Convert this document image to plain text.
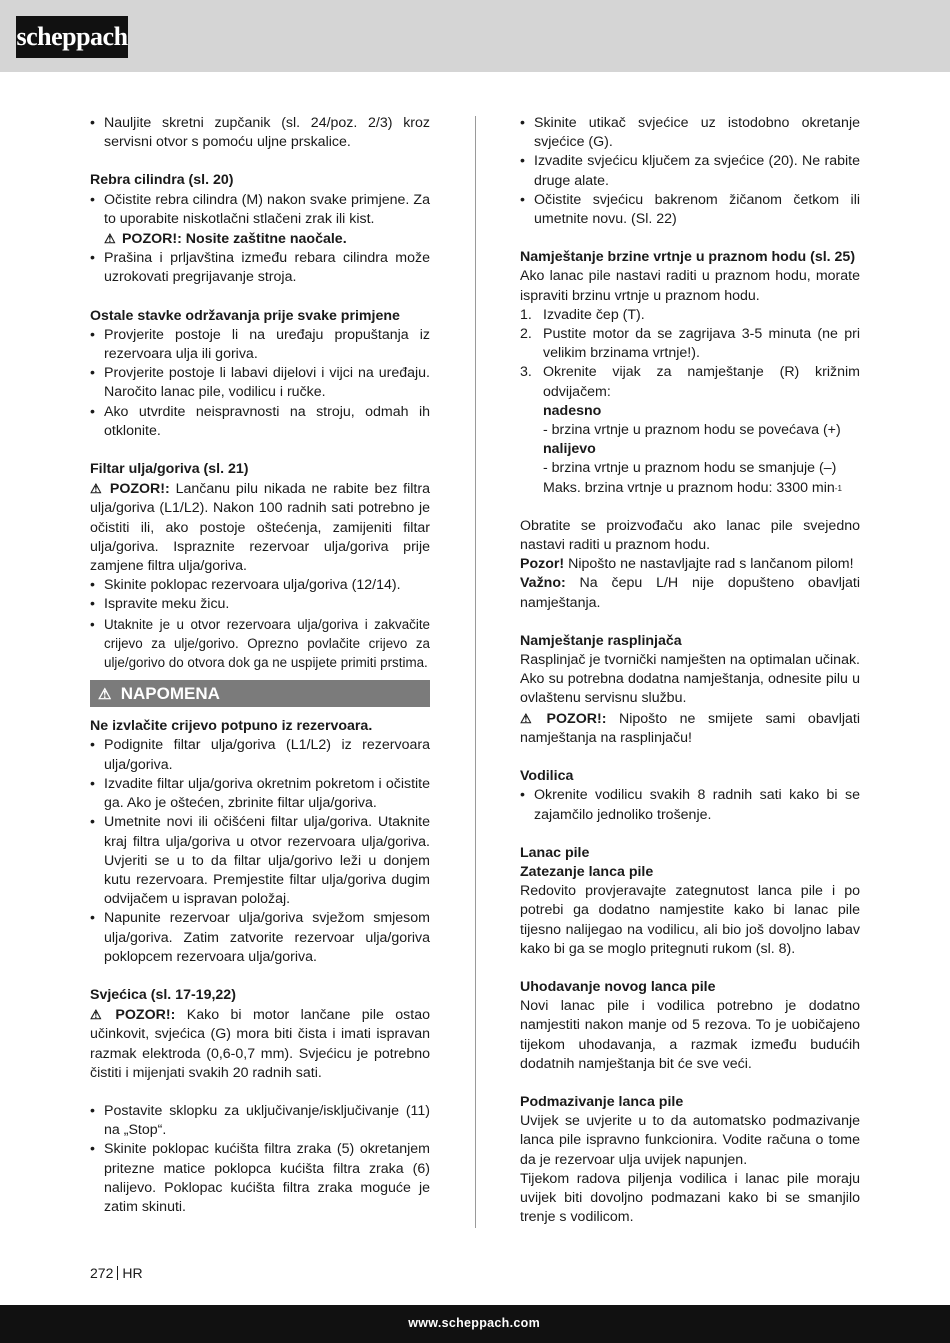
scheppach
• Nauljite skretni zupčanik (sl. 24/poz. 2/3) kroz servisni otvor s pomoću uljne prskalice.

Rebra cilindra (sl. 20)

• Očistite rebra cilindra (M) nakon svake primjene. Za to uporabite niskotlačni stlačeni zrak ili kist.
⚠ POZOR!: Nosite zaštitne naočale.
• Prašina i prljavština između rebara cilindra može uzrokovati pregrijavanje stroja.

Ostale stavke održavanja prije svake primjene

• Provjerite postoje li na uređaju propuštanja iz rezervoara ulja ili goriva.
• Provjerite postoje li labavi dijelovi i vijci na uređaju. Naročito lanac pile, vodilicu i ručke.
• Ako utvrdite neispravnosti na stroju, odmah ih otklonite.

Filtar ulja/goriva (sl. 21)

⚠ POZOR!: Lančanu pilu nikada ne rabite bez filtra ulja/goriva (L1/L2). Nakon 100 radnih sati potrebno je očistiti ili, ako postoje oštećenja, zamijeniti filtar ulja/goriva. Ispraznite rezervoar ulja/goriva prije zamjene filtra ulja/goriva.

• Skinite poklopac rezervoara ulja/goriva (12/14).
• Ispravite meku žicu.
• Utaknite je u otvor rezervoara ulja/goriva i zakvačite crijevo za ulje/gorivo. Oprezno povlačite crijevo za ulje/gorivo do otvora dok ga ne uspijete primiti prstima.
⚠ NAPOMENA

Ne izvlačite crijevo potpuno iz rezervoara.

• Podignite filtar ulja/goriva (L1/L2) iz rezervoara ulja/goriva.
• Izvadite filtar ulja/goriva okretnim pokretom i očistite ga. Ako je oštećen, zbrinite filtar ulja/goriva.
• Umetnite novi ili očišćeni filtar ulja/goriva. Utaknite kraj filtra ulja/goriva u otvor rezervoara ulja/goriva. Uvjeriti se u to da filtar ulja/gorivo leži u donjem kutu rezervoara. Premjestite filtar ulja/goriva dugim odvijačem u ispravan položaj.
• Napunite rezervoar ulja/goriva svježom smjesom ulja/goriva. Zatim zatvorite rezervoar ulja/goriva poklopcem rezervoara ulja/goriva.

Svjećica (sl. 17-19,22)

⚠ POZOR!: Kako bi motor lančane pile ostao učinkovit, svjećica (G) mora biti čista i imati ispravan razmak elektroda (0,6-0,7 mm). Svjećicu je potrebno čistiti i mijenjati svakih 20 radnih sati.

• Postavite sklopku za uključivanje/isključivanje (11) na „Stop“.
• Skinite poklopac kućišta filtra zraka (5) okretanjem pritezne matice poklopca kućišta filtra zraka (6) nalijevo. Poklopac kućišta filtra zraka moguće je zatim skinuti.
• Skinite utikač svjećice uz istodobno okretanje svjećice (G).
• Izvadite svjećicu ključem za svjećice (20). Ne rabite druge alate.
• Očistite svjećicu bakrenom žičanom četkom ili umetnite novu. (Sl. 22)

Namještanje brzine vrtnje u praznom hodu (sl. 25)

Ako lanac pile nastavi raditi u praznom hodu, morate ispraviti brzinu vrtnje u praznom hodu.

1. Izvadite čep (T).
2. Pustite motor da se zagrijava 3-5 minuta (ne pri velikim brzinama vrtnje!).
3. Okrenite vijak za namještanje (R) križnim odvijačem:
nadesno
- brzina vrtnje u praznom hodu se povećava (+)
nalijevo
- brzina vrtnje u praznom hodu se smanjuje (–)
Maks. brzina vrtnje u praznom hodu: 3300 $\min^{-1}$

Obratite se proizvođaču ako lanac pile svejedno nastavi raditi u praznom hodu.

Pozor! Nipošto ne nastavljajte rad s lančanom pilom!

Važno: Na čepu L/H nije dopušteno obavljati namještanja.

Namještanje rasplinjača

Rasplinjač je tvornički namješten na optimalan učinak. Ako su potrebna dodatna namještanja, odnesite pilu u ovlaštenu servisnu službu.

⚠ POZOR!: Nipošto ne smijete sami obavljati namještanja na rasplinjaču!

Vodilica

• Okrenite vodilicu svakih 8 radnih sati kako bi se zajamčilo jednoliko trošenje.

Lanac pile

Zatezanje lanca pile

Redovito provjeravajte zategnutost lanca pile i po potrebi ga dodatno namjestite kako bi lanac pile tijesno nalijegao na vodilicu, ali bio još dovoljno labav kako bi ga se moglo pritegnuti rukom (sl. 8).

Uhodavanje novog lanca pile

Novi lanac pile i vodilica potrebno je dodatno namjestiti nakon manje od 5 rezova. To je uobičajeno tijekom uhodavanja, a razmak između budućih dodatnih namještanja bit će sve veći.

Podmazivanje lanca pile

Uvijek se uvjerite u to da automatsko podmazivanje lanca pile ispravno funkcionira. Vodite računa o tome da je rezervoar ulja uvijek napunjen.

Tijekom radova piljenja vodilica i lanac pile moraju uvijek biti dovoljno podmazani kako bi se smanjilo trenje s vodilicom.

272 HR
www.scheppach.com
